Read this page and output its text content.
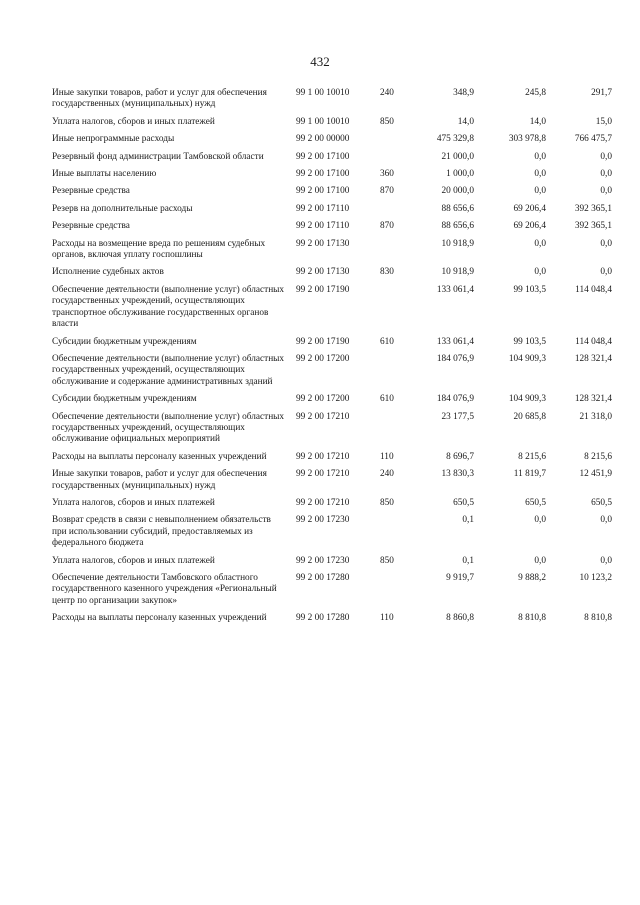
432
Иные закупки товаров, работ и услуг для обеспечения государственных (муниципальных) нужд	99 1 00 10010	240	348,9	245,8	291,7
Уплата налогов, сборов и иных платежей	99 1 00 10010	850	14,0	14,0	15,0
Иные непрограммные расходы	99 2 00 00000		475 329,8	303 978,8	766 475,7
Резервный фонд администрации Тамбовской области	99 2 00 17100		21 000,0	0,0	0,0
Иные выплаты населению	99 2 00 17100	360	1 000,0	0,0	0,0
Резервные средства	99 2 00 17100	870	20 000,0	0,0	0,0
Резерв на дополнительные расходы	99 2 00 17110		88 656,6	69 206,4	392 365,1
Резервные средства	99 2 00 17110	870	88 656,6	69 206,4	392 365,1
Расходы на возмещение вреда по решениям судебных органов, включая уплату госпошлины	99 2 00 17130		10 918,9	0,0	0,0
Исполнение судебных актов	99 2 00 17130	830	10 918,9	0,0	0,0
Обеспечение деятельности (выполнение услуг) областных государственных учреждений, осуществляющих транспортное обслуживание государственных органов власти	99 2 00 17190		133 061,4	99 103,5	114 048,4
Субсидии бюджетным учреждениям	99 2 00 17190	610	133 061,4	99 103,5	114 048,4
Обеспечение деятельности (выполнение услуг) областных государственных учреждений, осуществляющих обслуживание и содержание административных зданий	99 2 00 17200		184 076,9	104 909,3	128 321,4
Субсидии бюджетным учреждениям	99 2 00 17200	610	184 076,9	104 909,3	128 321,4
Обеспечение деятельности (выполнение услуг) областных государственных учреждений, осуществляющих обслуживание официальных мероприятий	99 2 00 17210		23 177,5	20 685,8	21 318,0
Расходы на выплаты персоналу казенных учреждений	99 2 00 17210	110	8 696,7	8 215,6	8 215,6
Иные закупки товаров, работ и услуг для обеспечения государственных (муниципальных) нужд	99 2 00 17210	240	13 830,3	11 819,7	12 451,9
Уплата налогов, сборов и иных платежей	99 2 00 17210	850	650,5	650,5	650,5
Возврат средств в связи с невыполнением обязательств при использовании субсидий, предоставляемых из федерального бюджета	99 2 00 17230		0,1	0,0	0,0
Уплата налогов, сборов и иных платежей	99 2 00 17230	850	0,1	0,0	0,0
Обеспечение деятельности Тамбовского областного государственного казенного учреждения «Региональный центр по организации закупок»	99 2 00 17280		9 919,7	9 888,2	10 123,2
Расходы на выплаты персоналу казенных учреждений	99 2 00 17280	110	8 860,8	8 810,8	8 810,8
